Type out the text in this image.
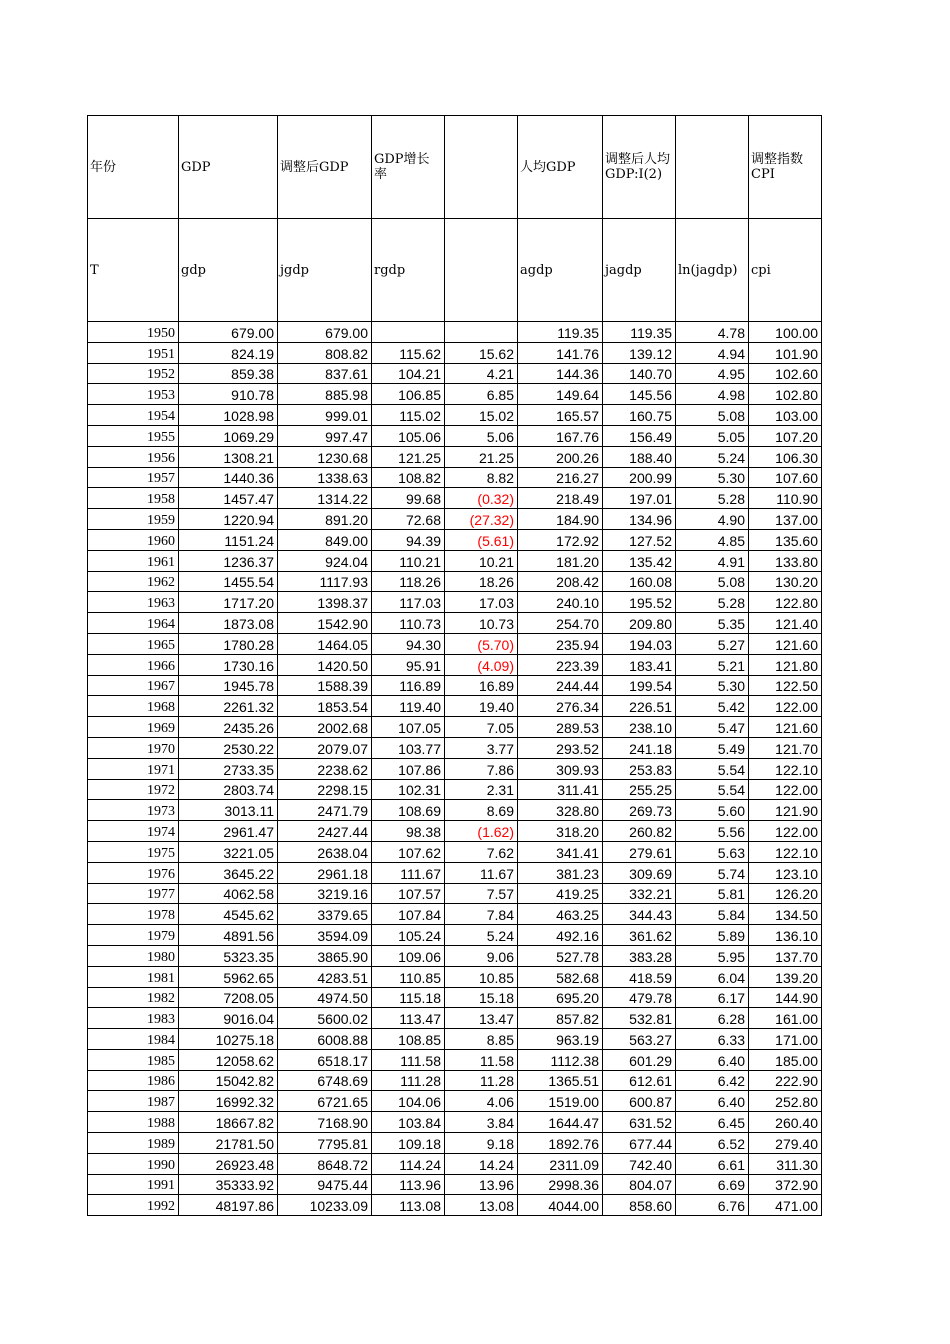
年份	GDP	调整后GDP	GDP增长率		人均GDP	调整后人均GDP:I(2)		调整指数CPI
T	gdp	jgdp	rgdp		agdp	jagdp	ln(jagdp)	cpi
1950	679.00	679.00			119.35	119.35	4.78	100.00
1951	824.19	808.82	115.62	15.62	141.76	139.12	4.94	101.90
1952	859.38	837.61	104.21	4.21	144.36	140.70	4.95	102.60
1953	910.78	885.98	106.85	6.85	149.64	145.56	4.98	102.80
1954	1028.98	999.01	115.02	15.02	165.57	160.75	5.08	103.00
1955	1069.29	997.47	105.06	5.06	167.76	156.49	5.05	107.20
1956	1308.21	1230.68	121.25	21.25	200.26	188.40	5.24	106.30
1957	1440.36	1338.63	108.82	8.82	216.27	200.99	5.30	107.60
1958	1457.47	1314.22	99.68	(0.32)	218.49	197.01	5.28	110.90
1959	1220.94	891.20	72.68	(27.32)	184.90	134.96	4.90	137.00
1960	1151.24	849.00	94.39	(5.61)	172.92	127.52	4.85	135.60
1961	1236.37	924.04	110.21	10.21	181.20	135.42	4.91	133.80
1962	1455.54	1117.93	118.26	18.26	208.42	160.08	5.08	130.20
1963	1717.20	1398.37	117.03	17.03	240.10	195.52	5.28	122.80
1964	1873.08	1542.90	110.73	10.73	254.70	209.80	5.35	121.40
1965	1780.28	1464.05	94.30	(5.70)	235.94	194.03	5.27	121.60
1966	1730.16	1420.50	95.91	(4.09)	223.39	183.41	5.21	121.80
1967	1945.78	1588.39	116.89	16.89	244.44	199.54	5.30	122.50
1968	2261.32	1853.54	119.40	19.40	276.34	226.51	5.42	122.00
1969	2435.26	2002.68	107.05	7.05	289.53	238.10	5.47	121.60
1970	2530.22	2079.07	103.77	3.77	293.52	241.18	5.49	121.70
1971	2733.35	2238.62	107.86	7.86	309.93	253.83	5.54	122.10
1972	2803.74	2298.15	102.31	2.31	311.41	255.25	5.54	122.00
1973	3013.11	2471.79	108.69	8.69	328.80	269.73	5.60	121.90
1974	2961.47	2427.44	98.38	(1.62)	318.20	260.82	5.56	122.00
1975	3221.05	2638.04	107.62	7.62	341.41	279.61	5.63	122.10
1976	3645.22	2961.18	111.67	11.67	381.23	309.69	5.74	123.10
1977	4062.58	3219.16	107.57	7.57	419.25	332.21	5.81	126.20
1978	4545.62	3379.65	107.84	7.84	463.25	344.43	5.84	134.50
1979	4891.56	3594.09	105.24	5.24	492.16	361.62	5.89	136.10
1980	5323.35	3865.90	109.06	9.06	527.78	383.28	5.95	137.70
1981	5962.65	4283.51	110.85	10.85	582.68	418.59	6.04	139.20
1982	7208.05	4974.50	115.18	15.18	695.20	479.78	6.17	144.90
1983	9016.04	5600.02	113.47	13.47	857.82	532.81	6.28	161.00
1984	10275.18	6008.88	108.85	8.85	963.19	563.27	6.33	171.00
1985	12058.62	6518.17	111.58	11.58	1112.38	601.29	6.40	185.00
1986	15042.82	6748.69	111.28	11.28	1365.51	612.61	6.42	222.90
1987	16992.32	6721.65	104.06	4.06	1519.00	600.87	6.40	252.80
1988	18667.82	7168.90	103.84	3.84	1644.47	631.52	6.45	260.40
1989	21781.50	7795.81	109.18	9.18	1892.76	677.44	6.52	279.40
1990	26923.48	8648.72	114.24	14.24	2311.09	742.40	6.61	311.30
1991	35333.92	9475.44	113.96	13.96	2998.36	804.07	6.69	372.90
1992	48197.86	10233.09	113.08	13.08	4044.00	858.60	6.76	471.00
